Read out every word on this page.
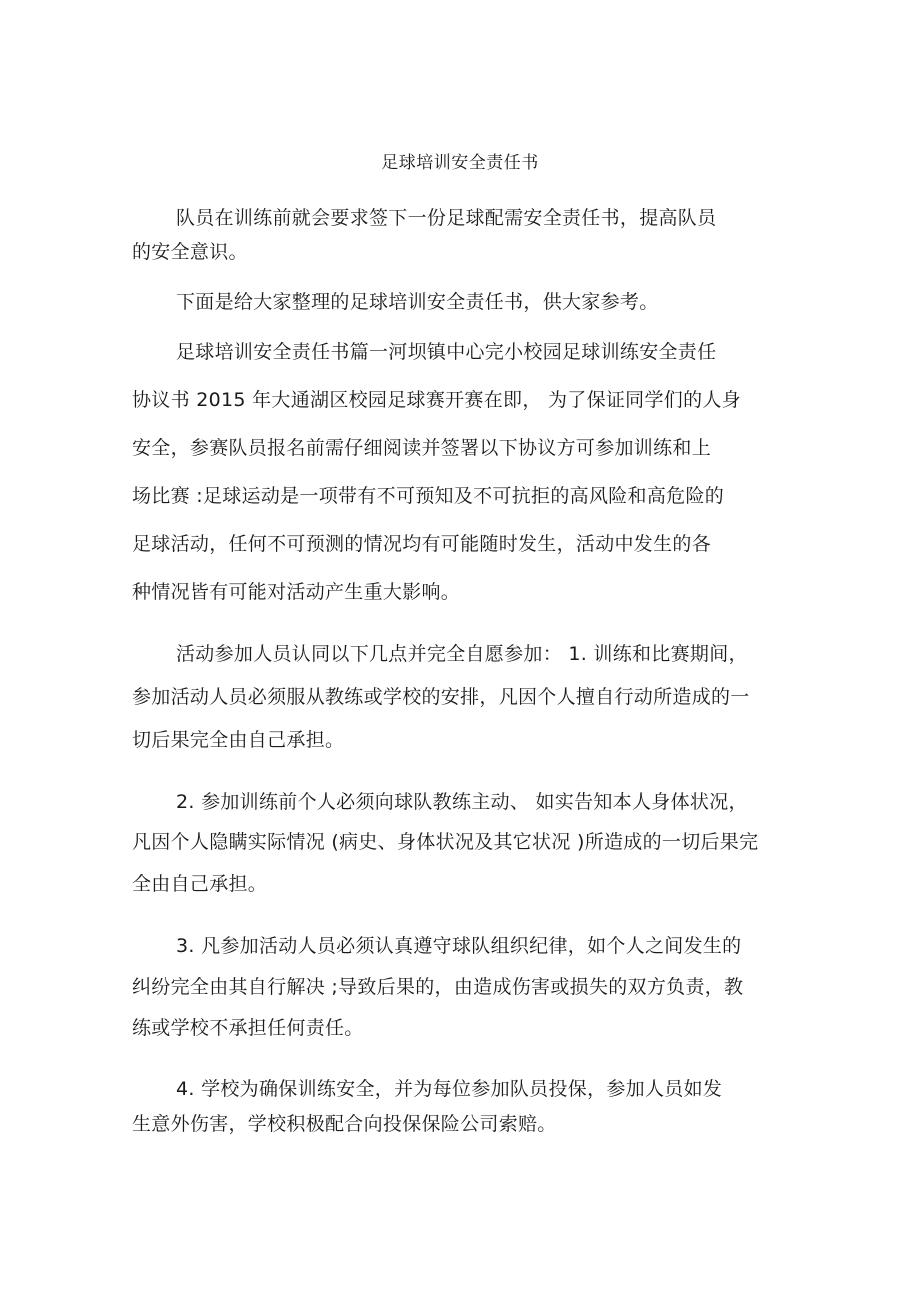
足球培训安全责任书
队员在训练前就会要求签下一份足球配需安全责任书，提高队员
的安全意识。
下面是给大家整理的足球培训安全责任书，供大家参考。
足球培训安全责任书篇一河坝镇中心完小校园足球训练安全责任
协议书 2015 年大通湖区校园足球赛开赛在即， 为了保证同学们的人身
安全，参赛队员报名前需仔细阅读并签署以下协议方可参加训练和上
场比赛 :足球运动是一项带有不可预知及不可抗拒的高风险和高危险的
足球活动，任何不可预测的情况均有可能随时发生，活动中发生的各
种情况皆有可能对活动产生重大影响。
活动参加人员认同以下几点并完全自愿参加： 1. 训练和比赛期间，
参加活动人员必须服从教练或学校的安排，凡因个人擅自行动所造成的一
切后果完全由自己承担。
2. 参加训练前个人必须向球队教练主动、 如实告知本人身体状况，
凡因个人隐瞒实际情况 (病史、身体状况及其它状况 )所造成的一切后果完
全由自己承担。
3. 凡参加活动人员必须认真遵守球队组织纪律，如个人之间发生的
纠纷完全由其自行解决 ;导致后果的，由造成伤害或损失的双方负责，教
练或学校不承担任何责任。
4. 学校为确保训练安全，并为每位参加队员投保，参加人员如发
生意外伤害，学校积极配合向投保保险公司索赔。
